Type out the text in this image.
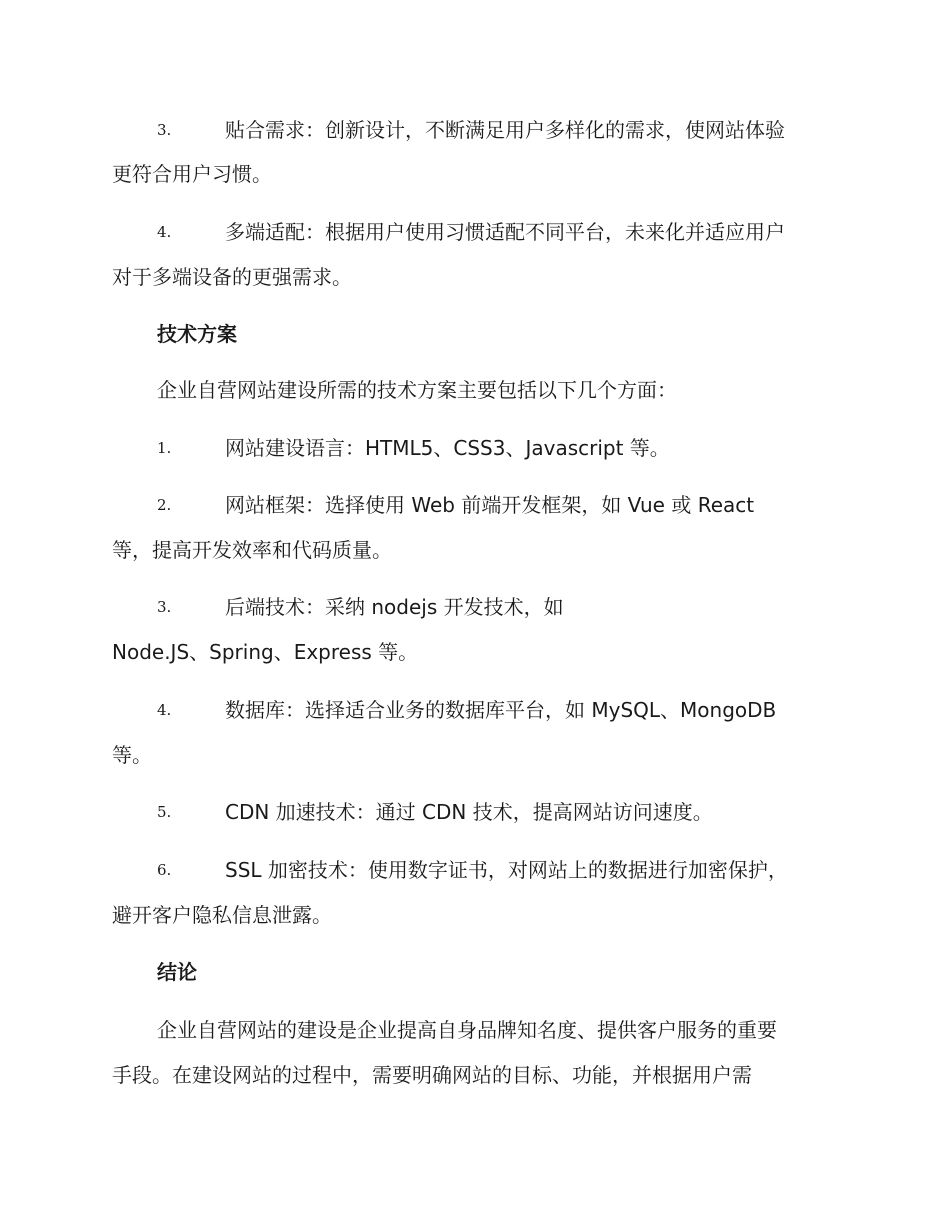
3.	贴合需求：创新设计，不断满足用户多样化的需求，使网站体验
更符合用户习惯。
4.	多端适配：根据用户使用习惯适配不同平台，未来化并适应用户
对于多端设备的更强需求。
技术方案
企业自营网站建设所需的技术方案主要包括以下几个方面：
1.	网站建设语言：HTML5、CSS3、Javascript 等。
2.	网站框架：选择使用 Web 前端开发框架，如 Vue 或 React
等，提高开发效率和代码质量。
3.	后端技术：采纳 nodejs 开发技术，如
Node.JS、Spring、Express 等。
4.	数据库：选择适合业务的数据库平台，如 MySQL、MongoDB
等。
5.	CDN 加速技术：通过 CDN 技术，提高网站访问速度。
6.	SSL 加密技术：使用数字证书，对网站上的数据进行加密保护，
避开客户隐私信息泄露。
结论
企业自营网站的建设是企业提高自身品牌知名度、提供客户服务的重要
手段。在建设网站的过程中，需要明确网站的目标、功能，并根据用户需
